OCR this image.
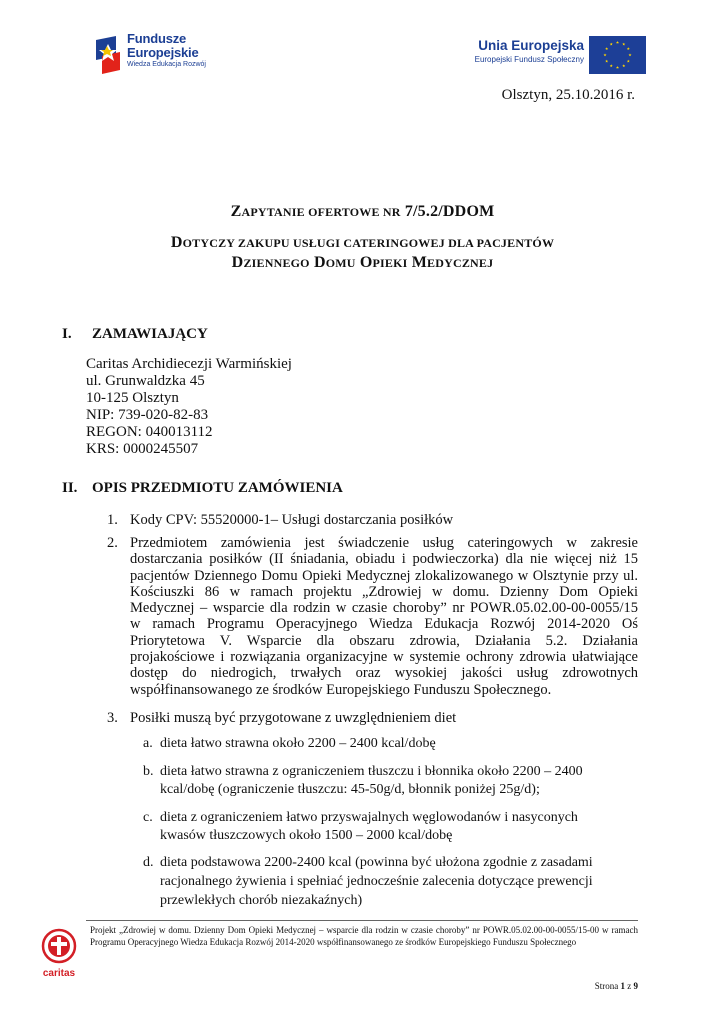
Fundusze
Europejskie
Wiedza Edukacja Rozwój
Unia Europejska
Europejski Fundusz Społeczny
Olsztyn, 25.10.2016 r.
ZAPYTANIE OFERTOWE NR 7/5.2/DDOM
DOTYCZY ZAKUPU USŁUGI CATERINGOWEJ DLA PACJENTÓW
DZIENNEGO DOMU OPIEKI MEDYCZNEJ
I. ZAMAWIAJĄCY
Caritas Archidiecezji Warmińskiej
ul. Grunwaldzka 45
10-125 Olsztyn
NIP: 739-020-82-83
REGON: 040013112
KRS: 0000245507
II. OPIS PRZEDMIOTU ZAMÓWIENIA
1. Kody CPV: 55520000-1– Usługi dostarczania posiłków
2. Przedmiotem zamówienia jest świadczenie usług cateringowych w zakresie
dostarczania posiłków (II śniadania, obiadu i podwieczorka) dla nie więcej niż 15
pacjentów Dziennego Domu Opieki Medycznej zlokalizowanego w Olsztynie przy ul.
Kościuszki 86 w ramach projektu „Zdrowiej w domu. Dzienny Dom Opieki
Medycznej – wsparcie dla rodzin w czasie choroby” nr POWR.05.02.00-00-0055/15
w ramach Programu Operacyjnego Wiedza Edukacja Rozwój 2014-2020 Oś
Priorytetowa V. Wsparcie dla obszaru zdrowia, Działania 5.2. Działania
projakościowe i rozwiązania organizacyjne w systemie ochrony zdrowia ułatwiające
dostęp do niedrogich, trwałych oraz wysokiej jakości usług zdrowotnych
współfinansowanego ze środków Europejskiego Funduszu Społecznego.
3. Posiłki muszą być przygotowane z uwzględnieniem diet
a. dieta łatwo strawna około 2200 – 2400 kcal/dobę
b. dieta łatwo strawna z ograniczeniem tłuszczu i błonnika około 2200 – 2400
kcal/dobę (ograniczenie tłuszczu: 45-50g/d, błonnik poniżej 25g/d);
c. dieta z ograniczeniem łatwo przyswajalnych węglowodanów i nasyconych
kwasów tłuszczowych około 1500 – 2000 kcal/dobę
d. dieta podstawowa 2200-2400 kcal (powinna być ułożona zgodnie z zasadami
racjonalnego żywienia i spełniać jednocześnie zalecenia dotyczące prewencji
przewlekłych chorób niezakaźnych)
caritas
Projekt „Zdrowiej w domu. Dzienny Dom Opieki Medycznej – wsparcie dla rodzin w czasie choroby” nr POWR.05.02.00-00-0055/15-00 w ramach Programu Operacyjnego Wiedza Edukacja Rozwój 2014-2020 współfinansowanego ze środków Europejskiego Funduszu Społecznego
Strona 1 z 9
